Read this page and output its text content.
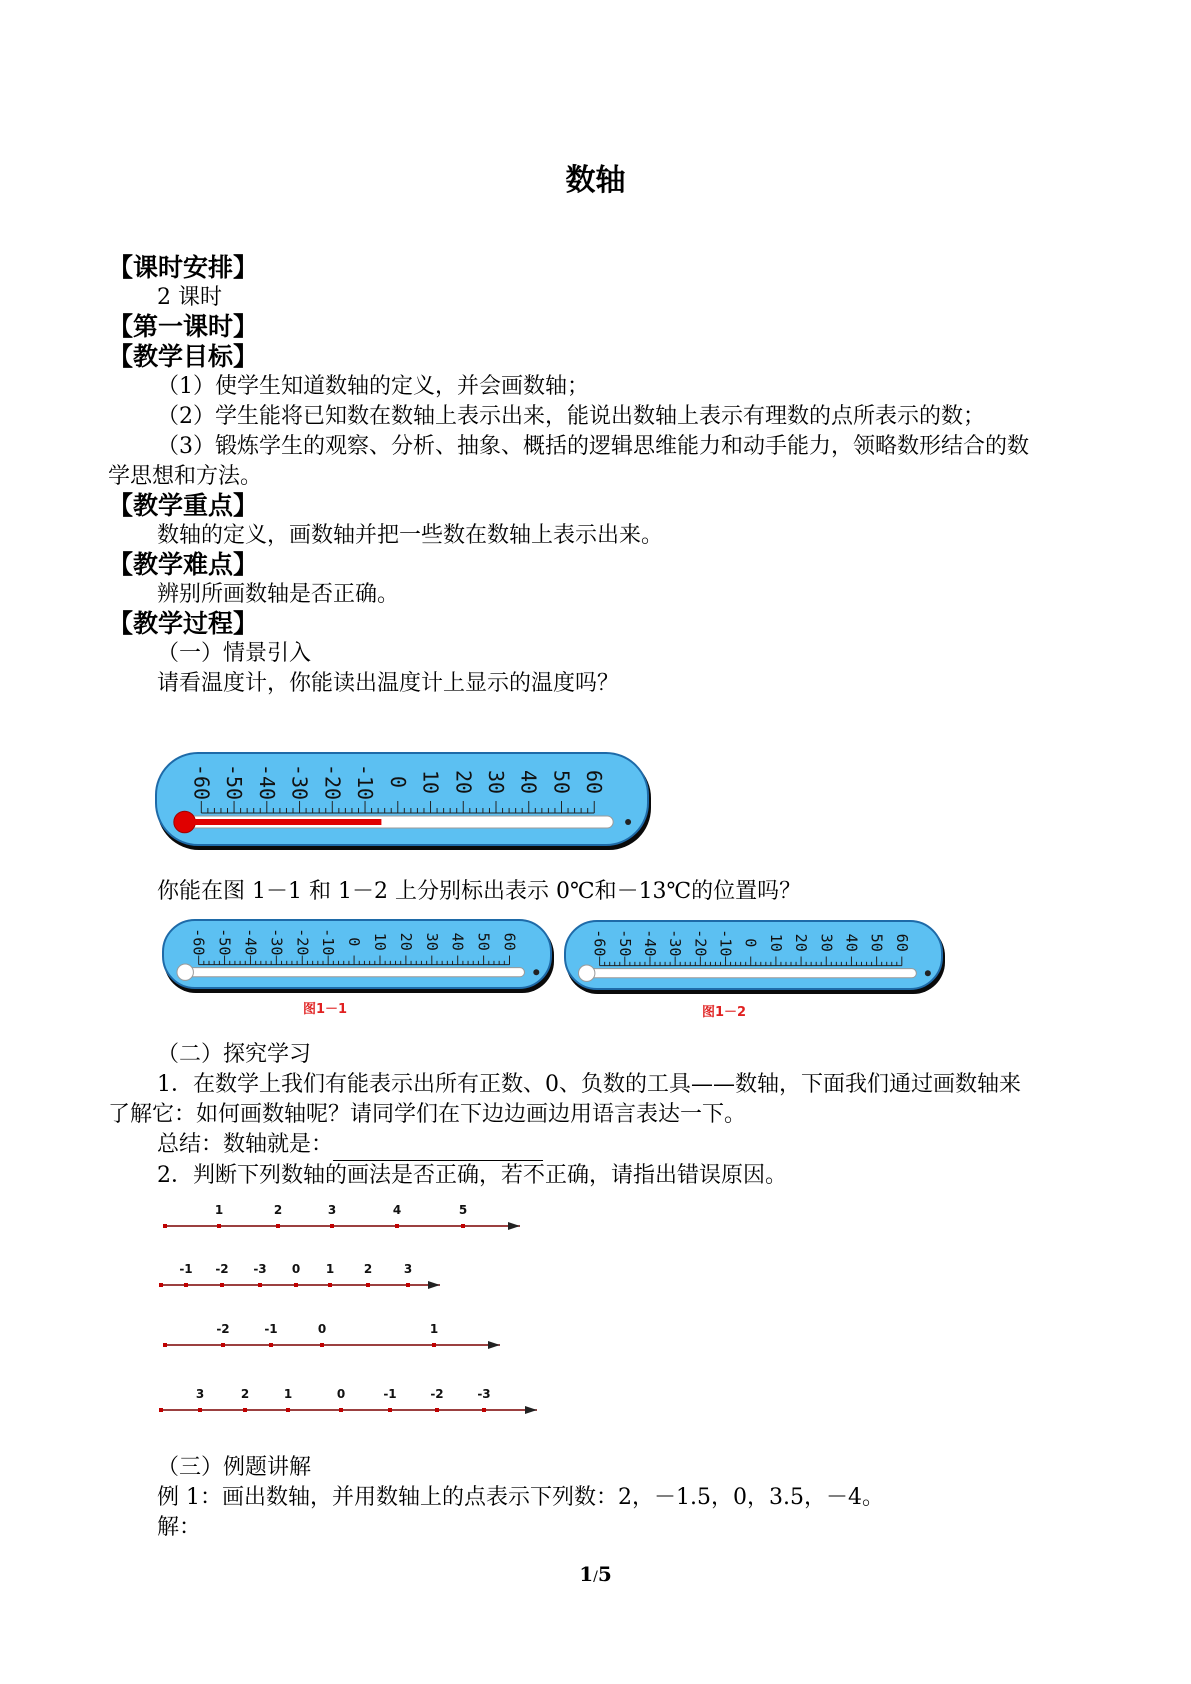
数轴
【课时安排】
2 课时
【第一课时】
【教学目标】
（1）使学生知道数轴的定义，并会画数轴；
（2）学生能将已知数在数轴上表示出来，能说出数轴上表示有理数的点所表示的数；
（3）锻炼学生的观察、分析、抽象、概括的逻辑思维能力和动手能力，领略数形结合的数
学思想和方法。
【教学重点】
数轴的定义，画数轴并把一些数在数轴上表示出来。
【教学难点】
辨别所画数轴是否正确。
【教学过程】
（一）情景引入
请看温度计，你能读出温度计上显示的温度吗？
-60 -50 -40 -30 -20 -10 0 10 20 30 40 50 60
你能在图 1－1 和 1－2 上分别标出表示 0℃和－13℃的位置吗？
-60 -50 -40 -30 -20 -10 0 10 20 30 40 50 60
图1－1
-60 -50 -40 -30 -20 -10 0 10 20 30 40 50 60
图1－2
（二）探究学习
1．在数学上我们有能表示出所有正数、0、负数的工具——数轴，下面我们通过画数轴来
了解它：如何画数轴呢？请同学们在下边边画边用语言表达一下。
总结：数轴就是：
2．判断下列数轴的画法是否正确，若不正确，请指出错误原因。
1	2	3	4	5
-1 -2 -3 0 1 2	3
-2	-1	0	1
3	2	1	0	-1	-2	-3
（三）例题讲解
例 1：画出数轴，并用数轴上的点表示下列数：2，－1.5，0，3.5，－4。
解：
1/5
